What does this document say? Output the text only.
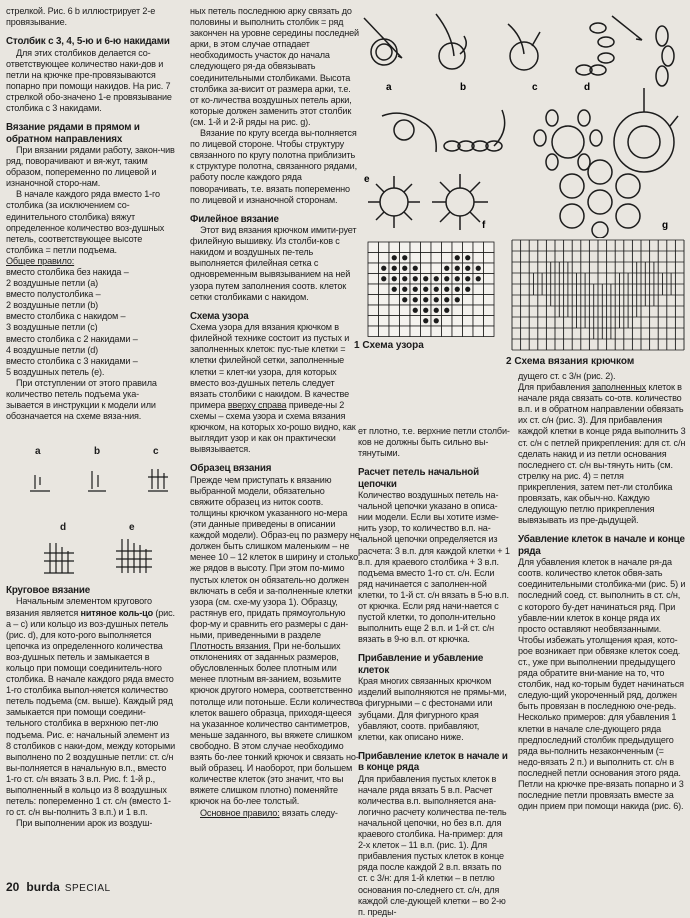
стрелкой. Рис. 6 b иллюстрирует 2-е провязывание.

Столбик с 3, 4, 5-ю и 6-ю накидами

Для этих столбиков делается со-ответствующее количество наки-дов и петли на крючке пре-провязываются попарно при помощи накидов. На рис. 7 стрелкой обо-значено 1-е провязывание столбика с 3 накидами.

Вязание рядами в прямом и обратном направлениях

При вязании рядами работу, закон-чив ряд, поворачивают и вя-жут, таким образом, попеременно по лицевой и изнаночной сторо-нам.

В начале каждого ряда вместо 1-го столбика (за исключением со-единительного столбика) вяжут определенное количество воз-душных петель, соответствующее высоте столбика = петли подъема.

Общее правило:

вместо столбика без накида –

2 воздушные петли (a)

вместо полустолбика –

2 воздушные петли (b)

вместо столбика с накидом –

3 воздушные петли (c)

вместо столбика с 2 накидами –

4 воздушные петли (d)

вместо столбика с 3 накидами –

5 воздушных петель (e).

При отступлении от этого правила количество петель подъема ука-зывается в инструкции к модели или обозначается на схеме вяза-ния.

a	b	c
d	e
Круговое вязание

Начальным элементом кругового вязания является нитяное коль-цо (рис. a – c) или кольцо из воз-душных петель (рис. d), для кото-рого выполняется цепочка из определенного количества воз-душных петель и замыкается в кольцо при помощи соединитель-ного столбика. В начале каждого ряда вместо 1-го столбика выпол-няется количество петель подъема (см. выше). Каждый ряд замыкается при помощи соедини-тельного столбика в верхнюю пет-лю подъема. Рис. e: начальный элемент из 8 столбиков с наки-дом, между которыми выполнено по 2 воздушные петли: ст. с/н вы-полняется в начальную в.п., вместо 1-го ст. с/н вязать 3 в.п. Рис. f: 1-й р., выполненный в кольцо из 8 воздушных петель: попеременно 1 ст. с/н (вместо 1-го ст. с/н вы-полнить 3 в.п.) и 1 в.п.

При выполнении арок из воздуш-

ных петель последнюю арку связать до половины и выполнить столбик = ряд закончен на уровне середины последней арки, в этом случае отпадает необходимость участок до начала следующего ря-да обвязывать соединительными столбиками. Высота столбика за-висит от размера арки, т.е. от ко-личества воздушных петель арки, которые должен заменить этот столбик (см. 1-й и 2-й ряды на рис. g).

Вязание по кругу всегда вы-полняется по лицевой стороне. Чтобы структуру связанного по кругу полотна приблизить к структуре полотна, связанного рядами, работу после каждого ряда поворачивать, т.е. вязать попеременно по лицевой и изнаночной сторонам.

Филейное вязание

Этот вид вязания крючком имити-рует филейную вышивку. Из столби-ков с накидом и воздушных пе-тель выполняется филейная сетка с одновременным вывязыванием на ней узора путем заполнения соотв. клеток сетки столбиками с накидом.

Схема узора

Схема узора для вязания крючком в филейной технике состоит из пустых и заполненных клеток: пус-тые клетки = клетки филейной сетки, заполненные клетки = клет-ки узора, для которых вместо воз-душных петель следует вязать столбики с накидом. В качестве примера вверху справа приведе-ны 2 схемы – схема узора и схема вязания крючком, на которых хо-рошо видно, как выглядит узор и как он практически вывязывается.

Образец вязания

Прежде чем приступать к вязанию выбранной модели, обязательно свяжите образец из ниток соотв. толщины крючком указанного но-мера (эти данные приведены в описании каждой модели). Образ-ец по размеру не должен быть слишком маленьким – не менее 10 – 12 клеток в ширину и столько же рядов в высоту. При этом по-мимо пустых клеток он обязатель-но должен включать в себя и за-полненные клетки узора (см. схе-му узора 1). Образцу, растянув его, придать прямоугольную фор-му и сравнить его размеры с дан-ными, приведенными в разделе Плотность вязания. При не-больших отклонениях от заданных размеров, обусловленных более плотным или менее плотным вя-занием, возьмите крючок другого номера, соответственно потолще или потоньше. Если количество клеток вашего образца, приходя-щееся на указанное количество сантиметров, меньше заданного, вы вяжете слишком свободно. В этом случае необходимо взять бо-лее тонкий крючок и связать но-вый образец. И наоборот, при большем количестве клеток (это значит, что вы вяжете слишком плотно) поменяйте крючок на бо-лее толстый.

Основное правило: вязать следу-

a	b	c	d
e
f	g
1 Схема узора
2 Схема вязания крючком

ет плотно, т.е. верхние петли столби-ков не должны быть сильно вы-тянутыми.

Расчет петель начальной цепочки

Количество воздушных петель на-чальной цепочки указано в описа-нии модели. Если вы хотите изме-нить узор, то количество в.п. на-чальной цепочки определяется из расчета: 3 в.п. для каждой клетки + 1 в.п. для краевого столбика + 3 в.п. подъема вместо 1-го ст. с/н. Если ряд начинается с заполнен-ной клетки, то 1-й ст. с/н вязать в 5-ю в.п. от крючка. Если ряд начи-нается с пустой клетки, то дополн-ительно выполнить еще 2 в.п. и 1-й ст. с/н вязать в 9-ю в.п. от крючка.

Прибавление и убавление клеток

Края многих связанных крючком изделий выполняются не прямы-ми, а фигурными – с фестонами или зубцами. Для фигурного края убавляют, соотв. прибавляют, клетки, как описано ниже.

Прибавление клеток в начале и в конце ряда

Для прибавления пустых клеток в начале ряда вязать 5 в.п. Расчет количества в.п. выполняется ана-логично расчету количества пе-тель начальной цепочки, но без в.п. для краевого столбика. На-пример: для 2-х клеток – 11 в.п. (рис. 1). Для прибавления пустых клеток в конце ряда после каждой 2 в.п. вязать по ст. с 3/н: для 1-й клетки – в петлю основания по-следнего ст. с/н, для каждой сле-дующей клетки – во 2-ю п. преды-

дущего ст. с 3/н (рис. 2).

Для прибавления заполненных клеток в начале ряда связать со-отв. количество в.п. и в обратном направлении обвязать их ст. с/н (рис. 3). Для прибавления каждой клетки в конце ряда выполнить 3 ст. с/н с петлей прикрепления: для ст. с/н сделать накид и из петли основания последнего ст. с/н вы-тянуть нить (см. стрелку на рис. 4) = петля прикрепления, затем пет-ли столбика провязать, как обыч-но. Каждую следующую петлю прикрепления вывязывать из пре-дыдущей.

Убавление клеток в начале и конце ряда

Для убавления клеток в начале ря-да соотв. количество клеток обвя-зать соединительными столбика-ми (рис. 5) и последний соед. ст. выполнить в ст. с/н, с которого бу-дет начинаться ряд. При убавле-нии клеток в конце ряда их просто оставляют необвязанными. Чтобы избежать утолщения края, кото-рое возникает при обвязке клеток соед. ст., уже при выполнении предыдущего ряда обратите вни-мание на то, что столбик, над ко-торым будет начинаться следую-щий укороченный ряд, должен быть провязан в последнюю оче-редь. Несколько примеров: для убавления 1 клетки в начале сле-дующего ряда предпоследний столбик предыдущего ряда вы-полнить незаконченным (= недо-вязать 2 п.) и выполнить ст. с/н в последней петли основания этого ряда. Петли на крючке пре-вязать попарно и 3 последние петли провязать вместе за один прием при помощи накида (рис. 6).

20 burda SPECIAL
